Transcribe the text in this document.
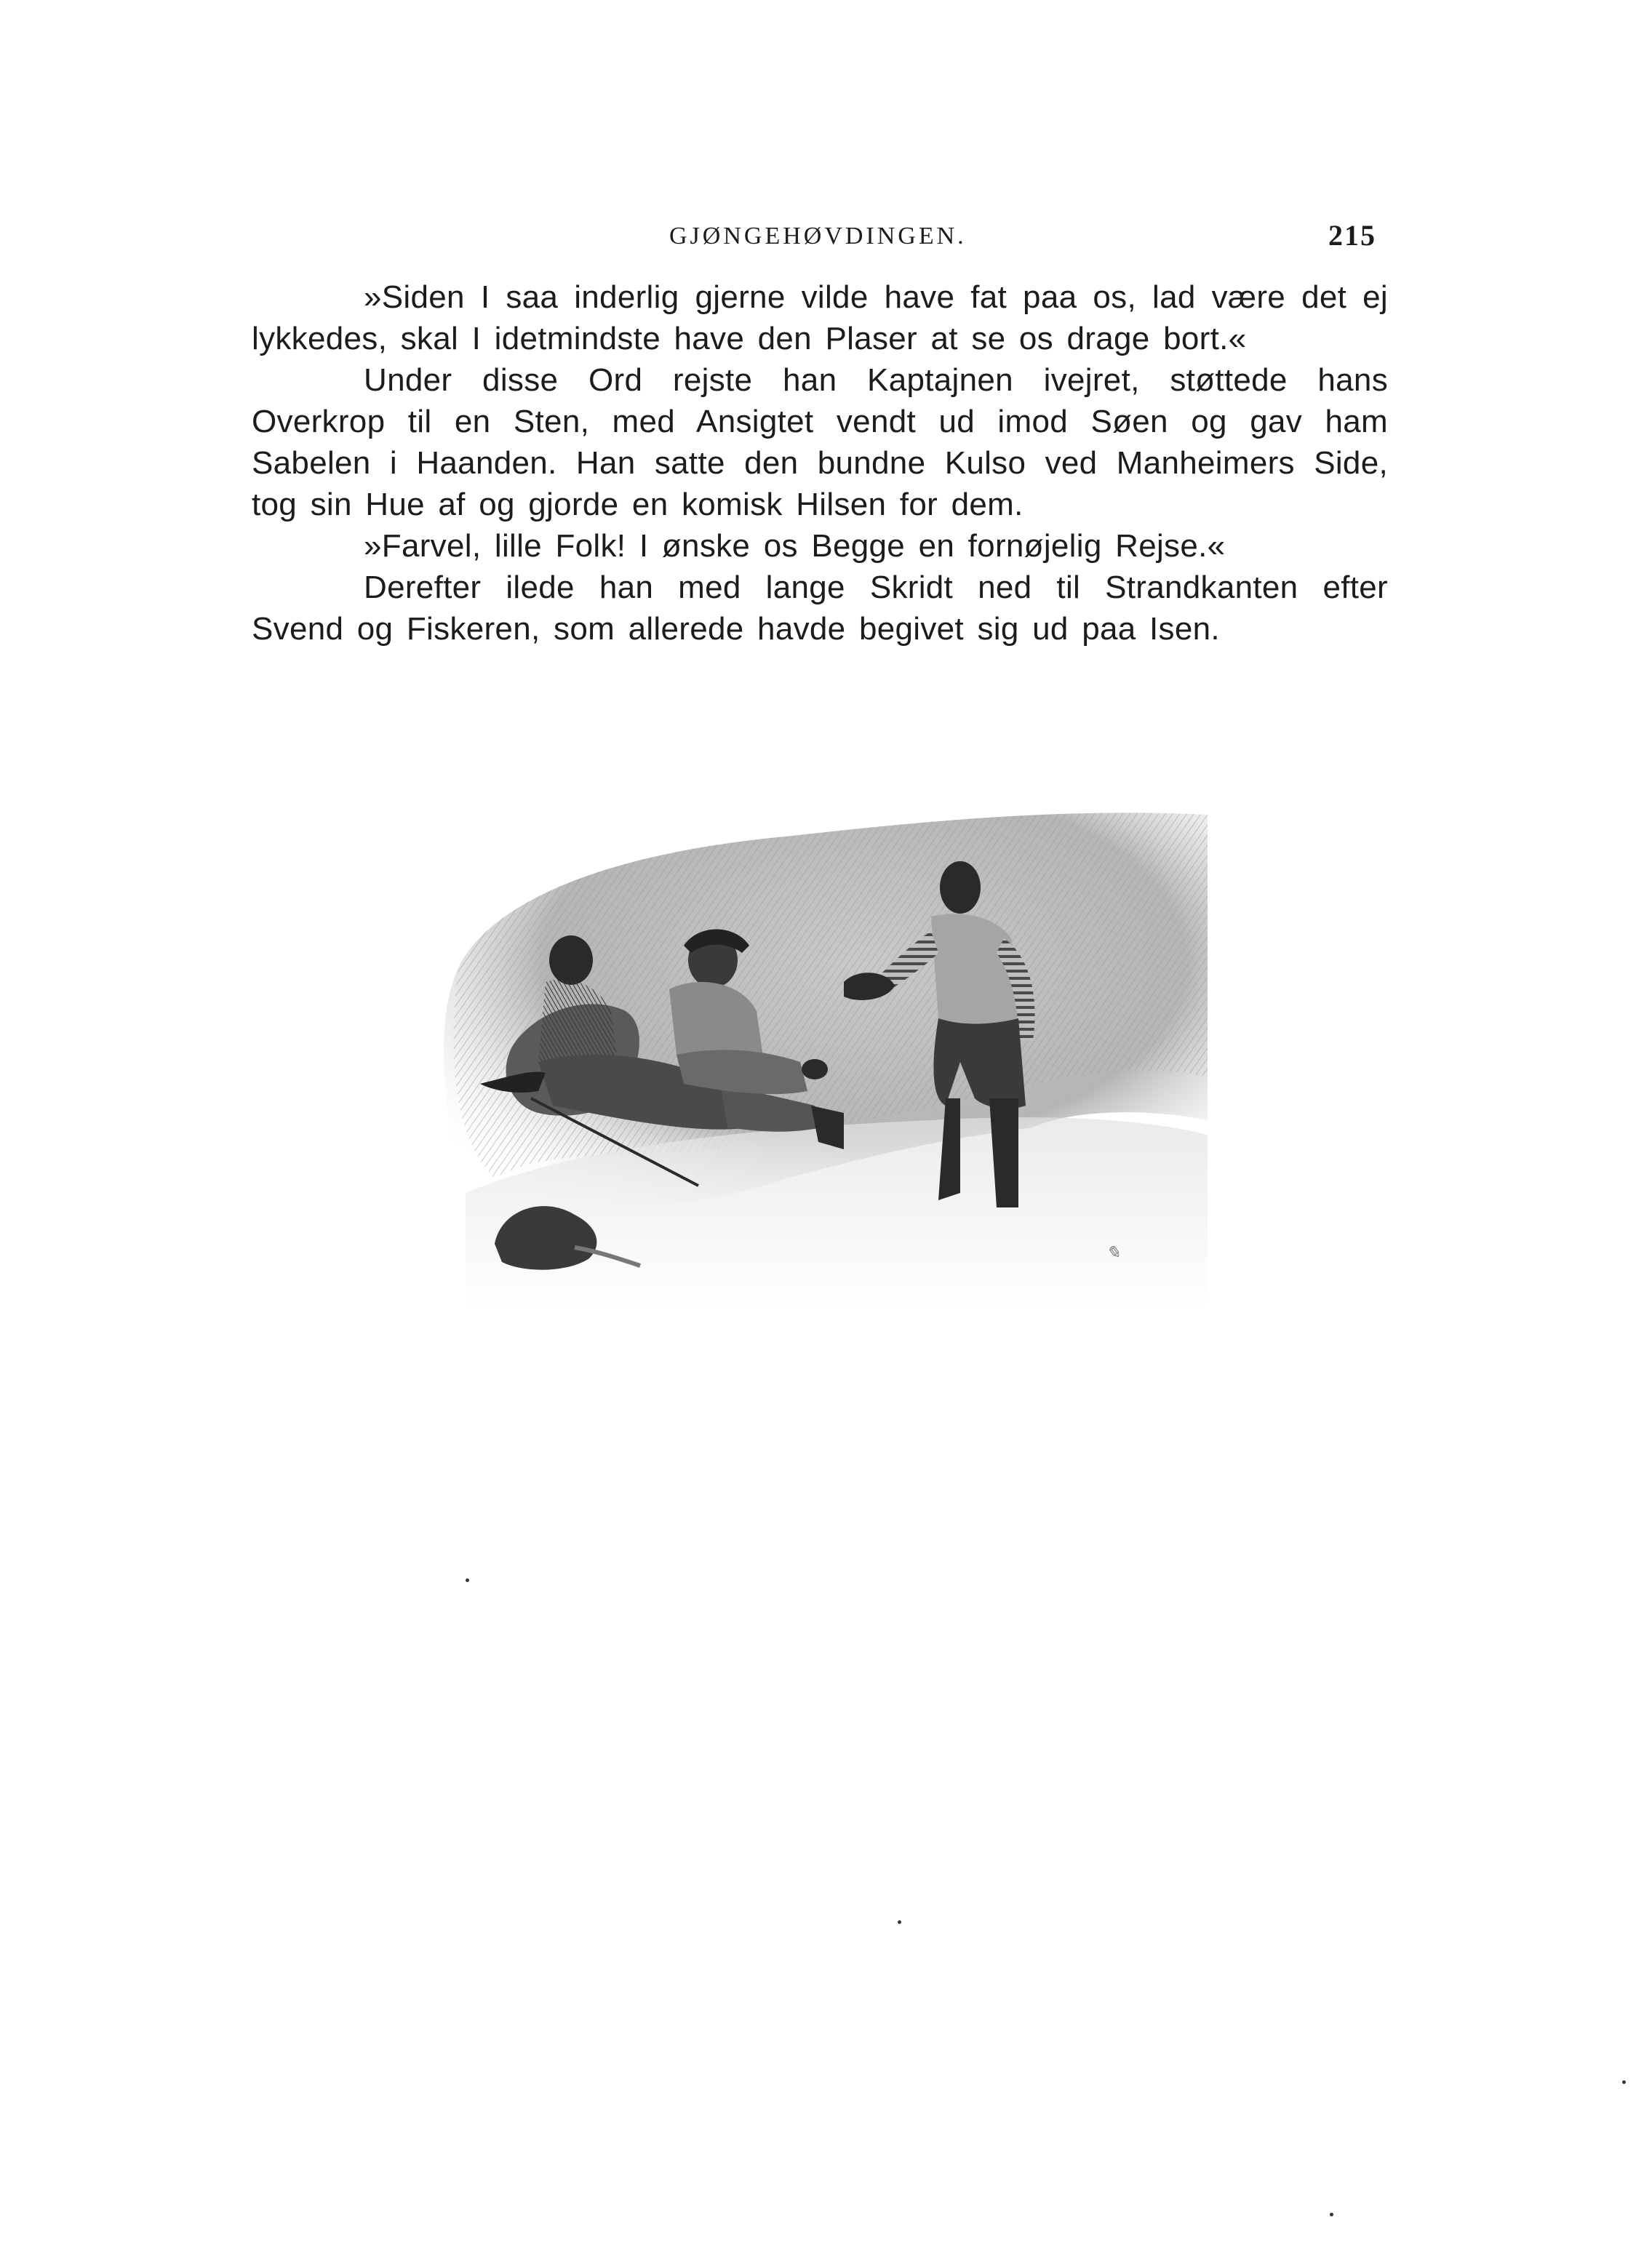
GJØNGEHØVDINGEN.	215

»Siden I saa inderlig gjerne vilde have fat paa os, lad være det ej lykkedes, skal I idetmindste have den Plaser at se os drage bort.«

Under disse Ord rejste han Kaptajnen ivejret, støttede hans Overkrop til en Sten, med Ansigtet vendt ud imod Søen og gav ham Sabelen i Haanden. Han satte den bundne Kulso ved Manheimers Side, tog sin Hue af og gjorde en komisk Hilsen for dem.

»Farvel, lille Folk! I ønske os Begge en fornøjelig Rejse.«

Derefter ilede han med lange Skridt ned til Strandkanten efter Svend og Fiskeren, som allerede havde begivet sig ud paa Isen.

✎
